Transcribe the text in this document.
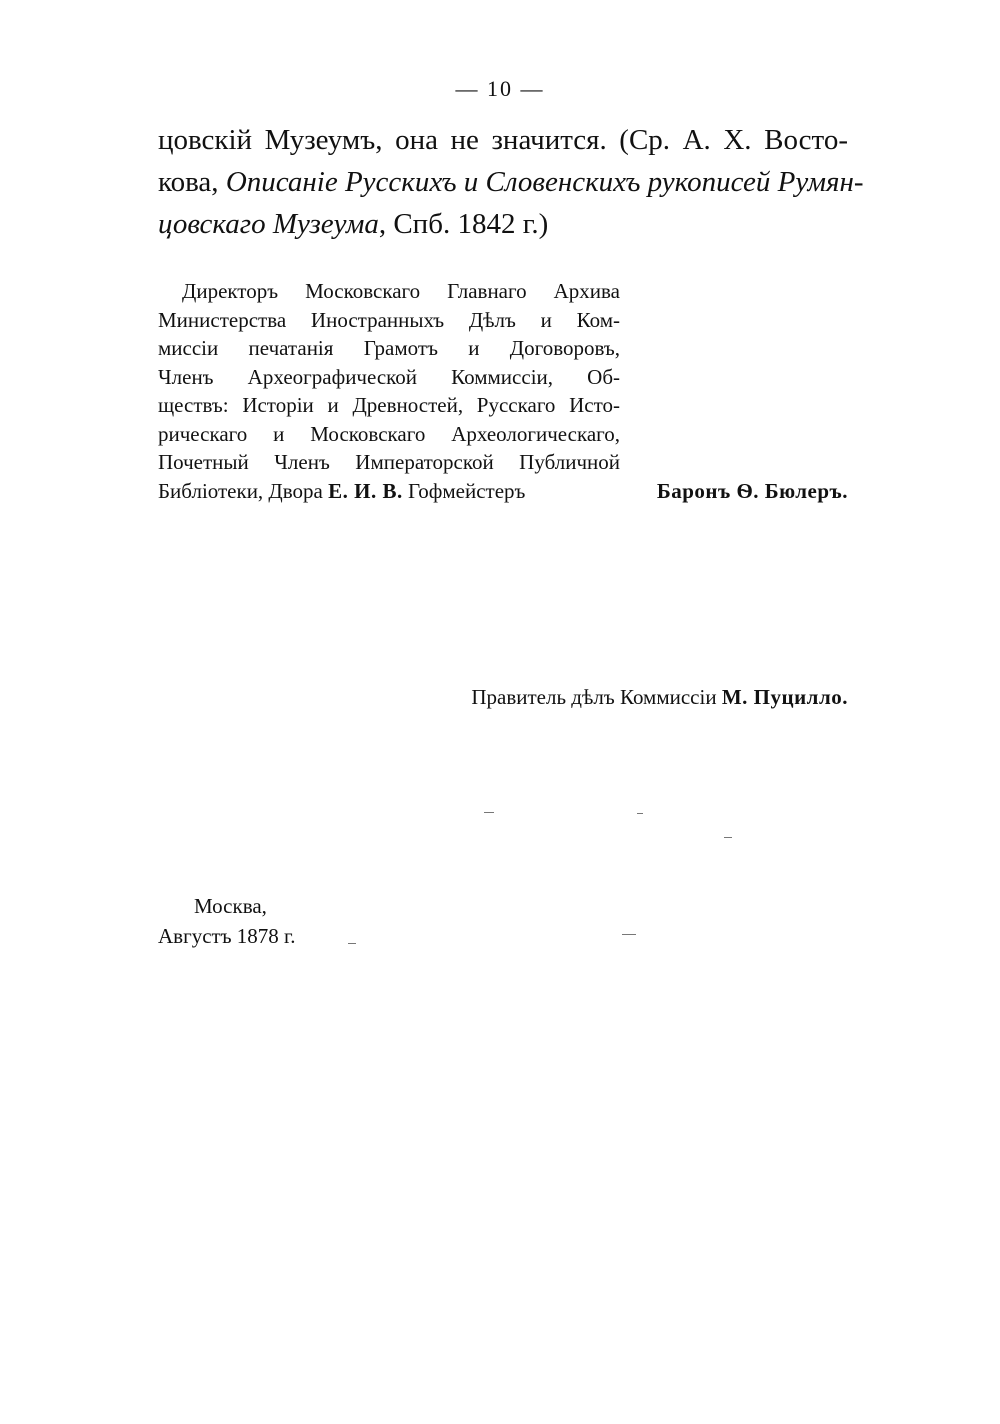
— 10 —
цовскій Музеумъ, она не значится. (Ср. А. Х. Восто-
кова, Описаніе Русскихъ и Словенскихъ рукописей Румян-
цовскаго Музеума, Спб. 1842 г.)
Директоръ Московскаго Главнаго Архива
Министерства Иностранныхъ Дѣлъ и Ком-
миссіи печатанія Грамотъ и Договоровъ,
Членъ Археографической Коммиссіи, Об-
ществъ: Исторіи и Древностей, Русскаго Исто-
рическаго и Московскаго Археологическаго,
Почетный Членъ Императорской Публичной
Библіотеки, Двора Е. И. В. Гофмейстеръ	Баронъ Ѳ. Бюлеръ.
Правитель дѣлъ Коммиссіи М. Пуцилло.
Москва,
Августъ 1878 г.
